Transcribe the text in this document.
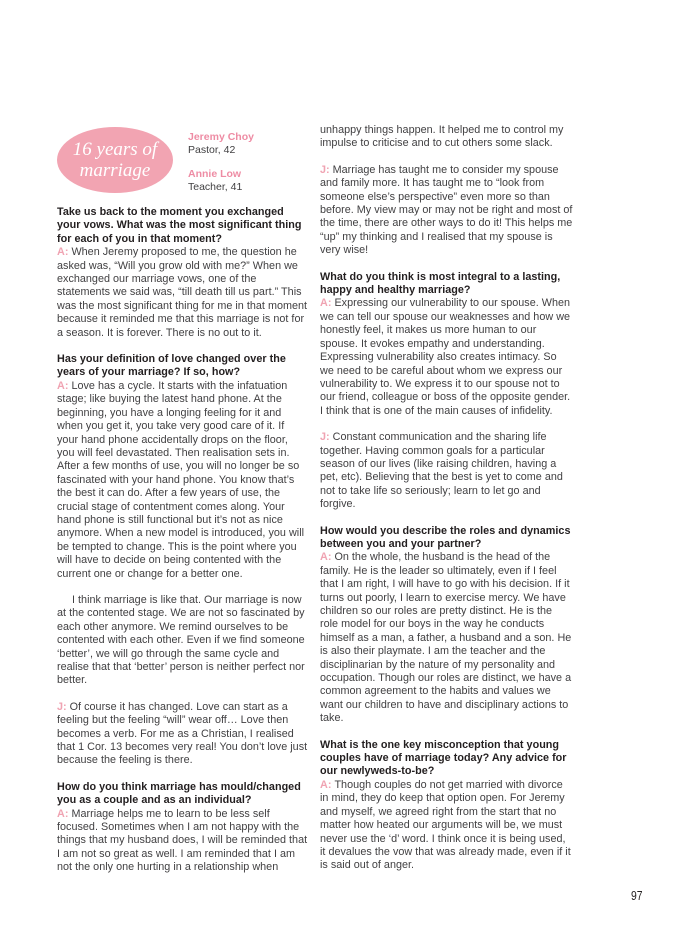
16 years of
marriage
Jeremy Choy
Pastor, 42
Annie Low
Teacher, 41

Take us back to the moment you exchanged your vows. What was the most significant thing for each of you in that moment?

A: When Jeremy proposed to me, the question he asked was, “Will you grow old with me?” When we exchanged our marriage vows, one of the statements we said was, “till death till us part.” This was the most significant thing for me in that moment because it reminded me that this marriage is not for a season. It is forever. There is no out to it.

Has your definition of love changed over the years of your marriage? If so, how?

A: Love has a cycle. It starts with the infatuation stage; like buying the latest hand phone. At the beginning, you have a longing feeling for it and when you get it, you take very good care of it. If your hand phone accidentally drops on the floor, you will feel devastated. Then realisation sets in. After a few months of use, you will no longer be so fascinated with your hand phone. You know that’s the best it can do. After a few years of use, the crucial stage of contentment comes along. Your hand phone is still functional but it’s not as nice anymore. When a new model is introduced, you will be tempted to change. This is the point where you will have to decide on being contented with the current one or change for a better one.

I think marriage is like that. Our marriage is now at the contented stage. We are not so fascinated by each other anymore. We remind ourselves to be contented with each other. Even if we find someone ‘better’, we will go through the same cycle and realise that that ‘better’ person is neither perfect nor better.

J: Of course it has changed. Love can start as a feeling but the feeling “will” wear off… Love then becomes a verb. For me as a Christian, I realised that 1 Cor. 13 becomes very real! You don’t love just because the feeling is there.

How do you think marriage has mould/changed you as a couple and as an individual?

A: Marriage helps me to learn to be less self focused. Sometimes when I am not happy with the things that my husband does, I will be reminded that I am not so great as well. I am reminded that I am not the only one hurting in a relationship when

unhappy things happen. It helped me to control my impulse to criticise and to cut others some slack.

J: Marriage has taught me to consider my spouse and family more. It has taught me to “look from someone else’s perspective” even more so than before. My view may or may not be right and most of the time, there are other ways to do it! This helps me “up” my thinking and I realised that my spouse is very wise!

What do you think is most integral to a lasting, happy and healthy marriage?

A: Expressing our vulnerability to our spouse. When we can tell our spouse our weaknesses and how we honestly feel, it makes us more human to our spouse. It evokes empathy and understanding. Expressing vulnerability also creates intimacy. So we need to be careful about whom we express our vulnerability to. We express it to our spouse not to our friend, colleague or boss of the opposite gender. I think that is one of the main causes of infidelity.

J: Constant communication and the sharing life together. Having common goals for a particular season of our lives (like raising children, having a pet, etc). Believing that the best is yet to come and not to take life so seriously; learn to let go and forgive.

How would you describe the roles and dynamics between you and your partner?

A: On the whole, the husband is the head of the family. He is the leader so ultimately, even if I feel that I am right, I will have to go with his decision. If it turns out poorly, I learn to exercise mercy. We have children so our roles are pretty distinct. He is the role model for our boys in the way he conducts himself as a man, a father, a husband and a son. He is also their playmate. I am the teacher and the disciplinarian by the nature of my personality and occupation. Though our roles are distinct, we have a common agreement to the habits and values we want our children to have and disciplinary actions to take.

What is the one key misconception that young couples have of marriage today? Any advice for our newlyweds-to-be?

A: Though couples do not get married with divorce in mind, they do keep that option open. For Jeremy and myself, we agreed right from the start that no matter how heated our arguments will be, we must never use the ‘d’ word. I think once it is being used, it devalues the vow that was already made, even if it is said out of anger.

97
